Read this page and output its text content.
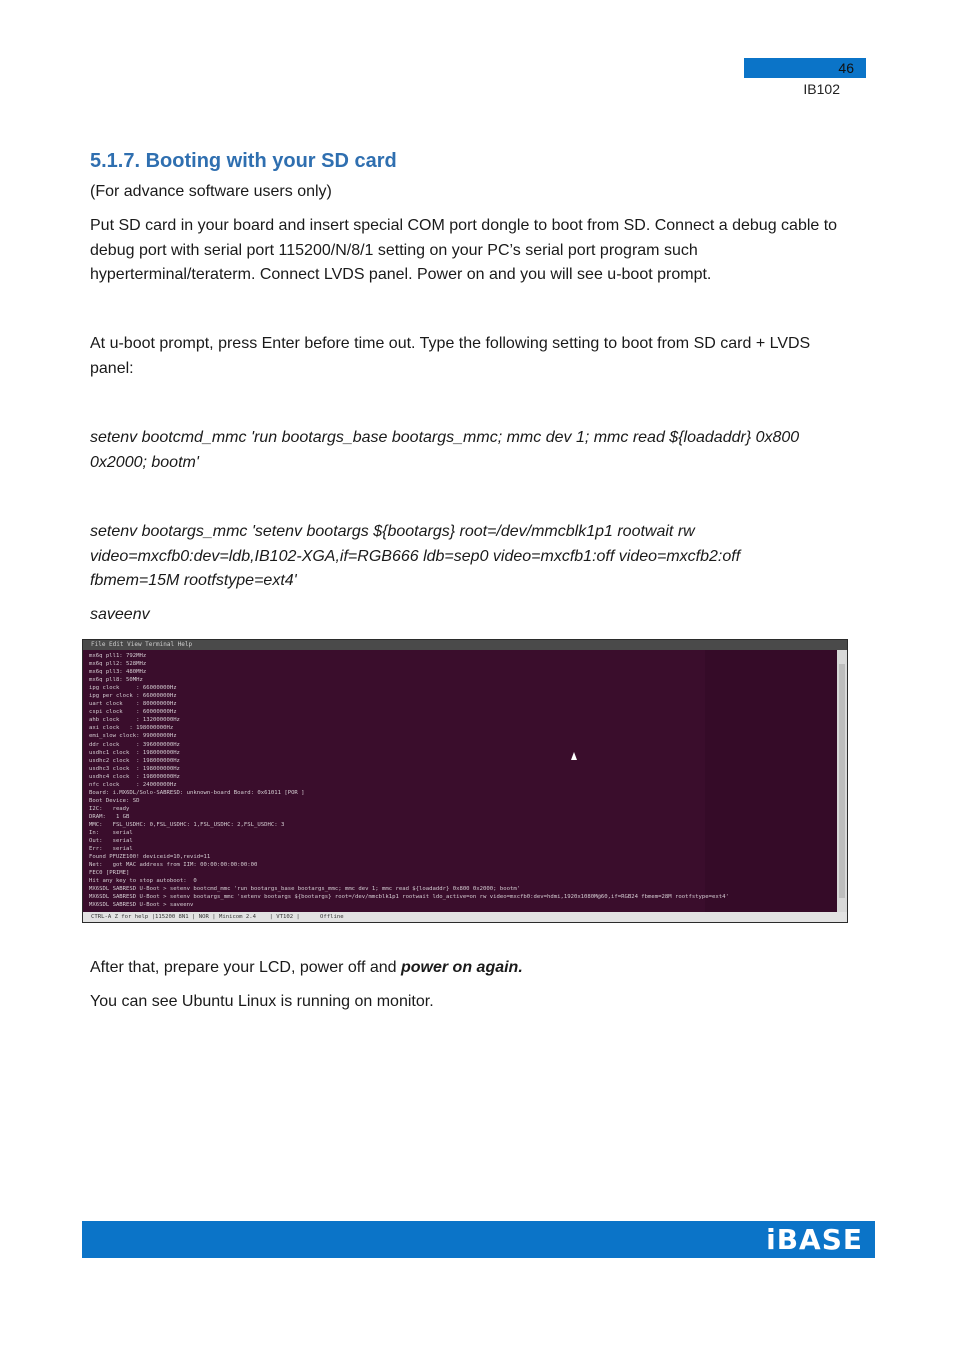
46
IB102
5.1.7. Booting with your SD card
(For advance software users only)
Put SD card in your board and insert special COM port dongle to boot from SD. Connect a debug cable to debug port with serial port 115200/N/8/1 setting on your PC’s serial port program such hyperterminal/teraterm. Connect LVDS panel. Power on and you will see u-boot prompt.
At u-boot prompt, press Enter before time out. Type the following setting to boot from SD card + LVDS panel:
setenv bootcmd_mmc 'run bootargs_base bootargs_mmc; mmc dev 1; mmc read ${loadaddr} 0x800 0x2000; bootm'
setenv bootargs_mmc 'setenv bootargs ${bootargs} root=/dev/mmcblk1p1 rootwait rw video=mxcfb0:dev=ldb,IB102-XGA,if=RGB666 ldb=sep0 video=mxcfb1:off video=mxcfb2:off fbmem=15M rootfstype=ext4'
saveenv
File Edit View Terminal Help
mx6q pll1: 792MHz
mx6q pll2: 528MHz
mx6q pll3: 480MHz
mx6q pll8: 50MHz
ipg clock     : 66000000Hz
ipg per clock : 66000000Hz
uart clock    : 80000000Hz
cspi clock    : 60000000Hz
ahb clock     : 132000000Hz
axi clock   : 198000000Hz
emi_slow clock: 99000000Hz
ddr clock     : 396000000Hz
usdhc1 clock  : 198000000Hz
usdhc2 clock  : 198000000Hz
usdhc3 clock  : 198000000Hz
usdhc4 clock  : 198000000Hz
nfc clock     : 24000000Hz
Board: i.MX6DL/Solo-SABRESD: unknown-board Board: 0x61011 [POR ]
Boot Device: SD
I2C:   ready
DRAM:   1 GB
MMC:   FSL_USDHC: 0,FSL_USDHC: 1,FSL_USDHC: 2,FSL_USDHC: 3
In:    serial
Out:   serial
Err:   serial
Found PFUZE100! deviceid=10,revid=11
Net:   got MAC address from IIM: 00:00:00:00:00:00
FEC0 [PRIME]
Hit any key to stop autoboot:  0
MX6SDL SABRESD U-Boot > setenv bootcmd_mmc 'run bootargs_base bootargs_mmc; mmc dev 1; mmc read ${loadaddr} 0x800 0x2000; bootm'
MX6SDL SABRESD U-Boot > setenv bootargs_mmc 'setenv bootargs ${bootargs} root=/dev/mmcblk1p1 rootwait ldo_active=on rw video=mxcfb0:dev=hdmi,1920x1080M@60,if=RGB24 fbmem=28M rootfstype=ext4'
MX6SDL SABRESD U-Boot > saveenv

CTRL-A Z for help |115200 8N1 | NOR | Minicom 2.4    | VT102 |      Offline
After that, prepare your LCD, power off and power on again.
You can see Ubuntu Linux is running on monitor.
iBASE
